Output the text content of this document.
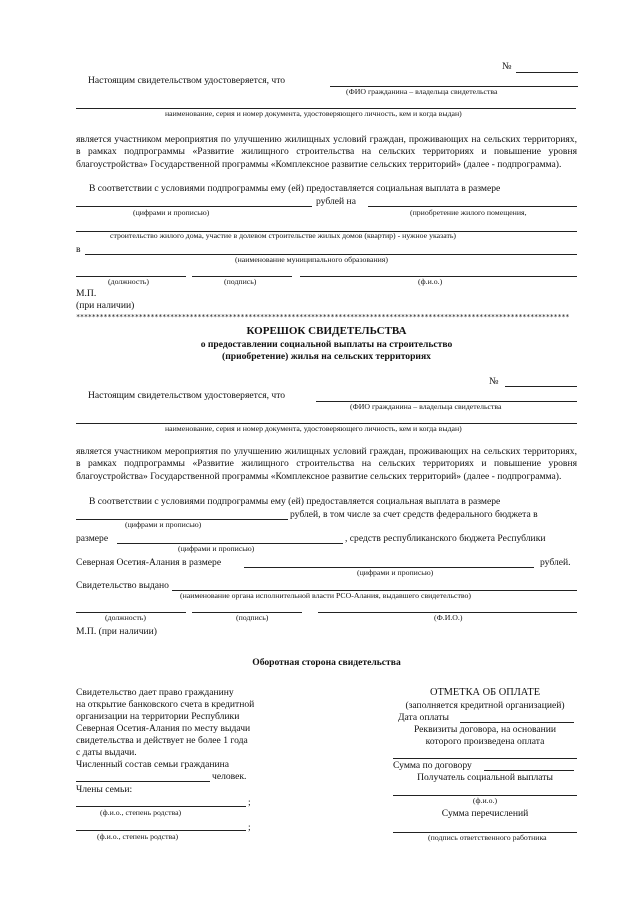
№
Настоящим свидетельством удостоверяется, что
(ФИО гражданина – владельца свидетельства
наименование, серия и номер документа, удостоверяющего личность, кем и когда выдан)
является участником мероприятия по улучшению жилищных условий граждан, проживающих на сельских территориях, в рамках подпрограммы «Развитие жилищного строительства на сельских территориях и повышение уровня благоустройства» Государственной программы «Комплексное развитие сельских территорий» (далее - подпрограмма).
В соответствии с условиями подпрограммы ему (ей) предоставляется социальная выплата в размере
рублей на
(цифрами и прописью)	(приобретение жилого помещения,
строительство жилого дома, участие в долевом строительстве жилых домов (квартир) - нужное указать)
в
(наименование муниципального образования)
(должность)	(подпись)	(ф.и.о.)
М.П.
(при наличии)
******************************************************************************************************************************
КОРЕШОК СВИДЕТЕЛЬСТВА
о предоставлении социальной выплаты на строительство
(приобретение) жилья на сельских территориях
№
Настоящим свидетельством удостоверяется, что
(ФИО гражданина – владельца свидетельства
наименование, серия и номер документа, удостоверяющего личность, кем и когда выдан)
является участником мероприятия по улучшению жилищных условий граждан, проживающих на сельских территориях, в рамках подпрограммы «Развитие жилищного строительства на сельских территориях и повышение уровня благоустройства» Государственной программы «Комплексное развитие сельских территорий» (далее - подпрограмма).
В соответствии с условиями подпрограммы ему (ей) предоставляется социальная выплата в размере
рублей, в том числе за счет средств федерального бюджета в
(цифрами и прописью)
размере	, средств республиканского бюджета Республики
(цифрами и прописью)
Северная Осетия-Алания в размере	рублей.
(цифрами и прописью)
Свидетельство выдано
(наименование органа исполнительной власти РСО-Алания, выдавшего свидетельство)
(должность)	(подпись)	(Ф.И.О.)
М.П. (при наличии)
Оборотная сторона свидетельства
Свидетельство дает право гражданину
на открытие банковского счета в кредитной
организации на территории Республики
Северная Осетия-Алания по месту выдачи
свидетельства и действует не более 1 года
с даты выдачи.
Численный состав семьи гражданина
человек.
Члены семьи:
;
(ф.и.о., степень родства)
;
(ф.и.о., степень родства)
ОТМЕТКА ОБ ОПЛАТЕ
(заполняется кредитной организацией)
Дата оплаты
Реквизиты договора, на основании
которого произведена оплата
Сумма по договору
Получатель социальной выплаты
(ф.и.о.)
Сумма перечислений
(подпись ответственного работника
